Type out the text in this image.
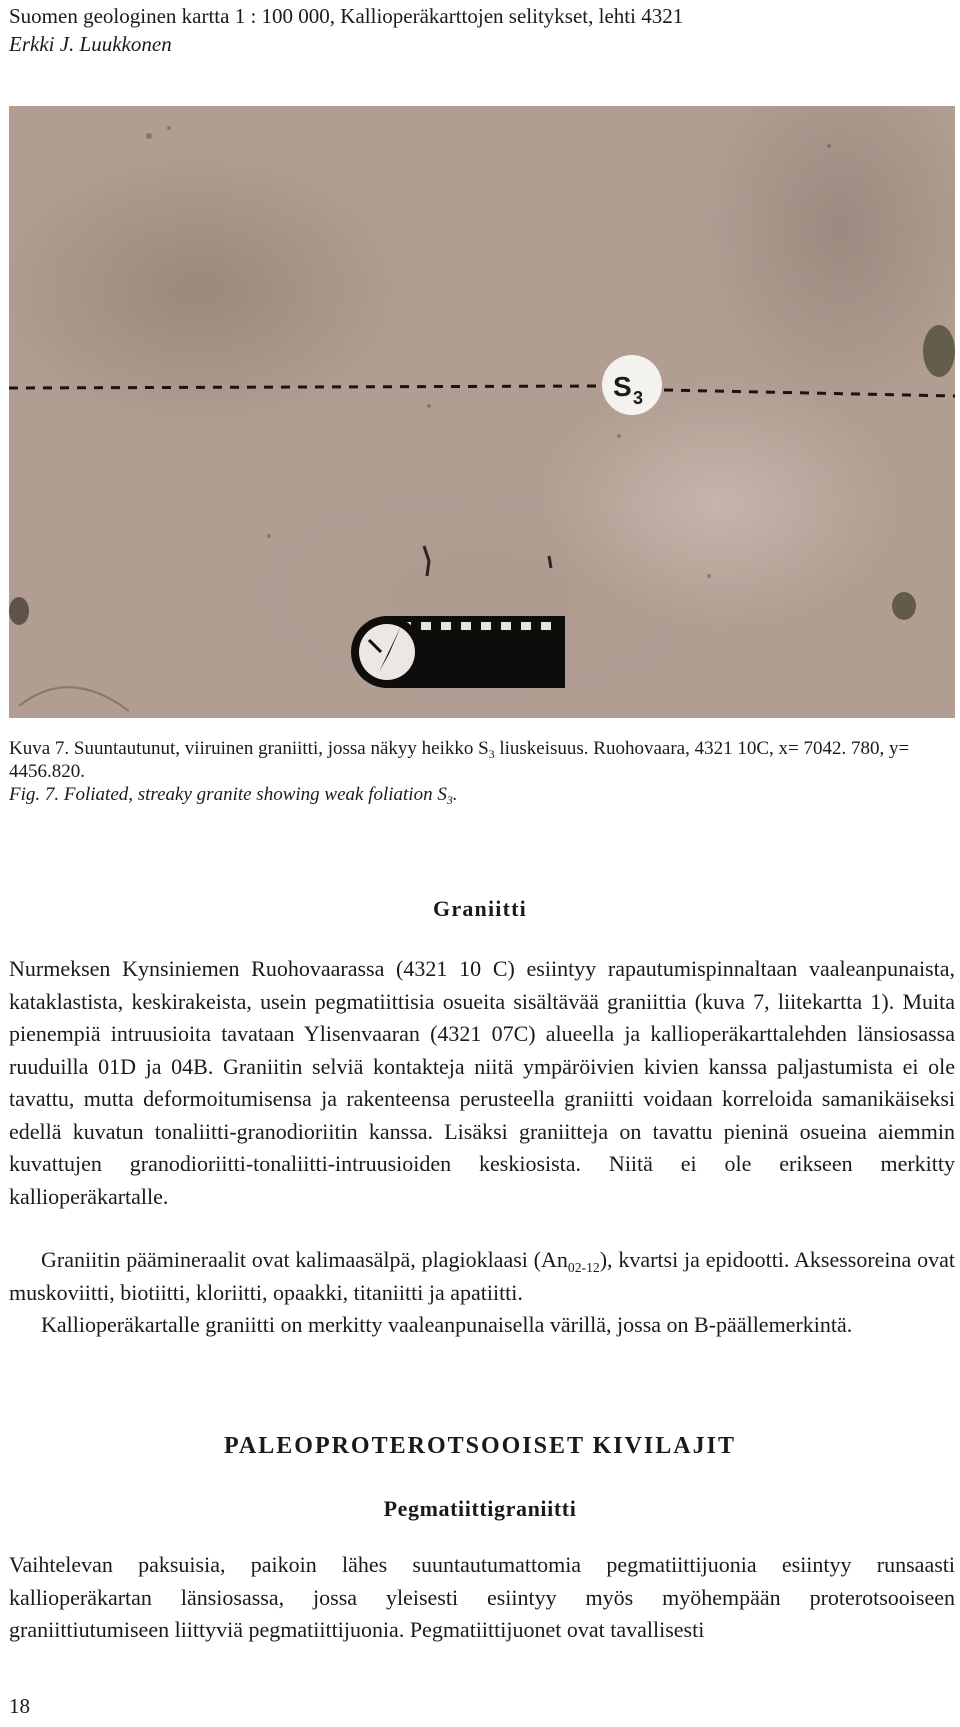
Suomen geologinen kartta 1 : 100 000, Kallioperäkarttojen selitykset, lehti 4321
Erkki J. Luukkonen
S 3
Kuva 7. Suuntautunut, viiruinen graniitti, jossa näkyy heikko $S_3$ liuskeisuus. Ruohovaara, 4321 10C, x= 7042. 780, y= 4456.820.
Fig. 7. Foliated, streaky granite showing weak foliation $S_3$.
Graniitti

Nurmeksen Kynsiniemen Ruohovaarassa (4321 10 C) esiintyy rapautumispinnaltaan vaaleanpunaista, kataklastista, keskirakeista, usein pegmatiittisia osueita sisältävää graniittia (kuva 7, liitekartta 1). Muita pienempiä intruusioita tavataan Ylisenvaaran (4321 07C) alueella ja kallioperäkarttalehden länsiosassa ruuduilla 01D ja 04B. Graniitin selviä kontakteja niitä ympäröivien kivien kanssa paljastumista ei ole tavattu, mutta deformoitumisensa ja rakenteensa perusteella graniitti voidaan korreloida samanikäiseksi edellä kuvatun tonaliitti-granodioriitin kanssa. Lisäksi graniitteja on tavattu pieninä osueina aiemmin kuvattujen granodioriitti-tonaliitti-intruusioiden keskiosista. Niitä ei ole erikseen merkitty kallioperäkartalle.

Graniitin päämineraalit ovat kalimaasälpä, plagioklaasi $(An_{02-12})$, kvartsi ja epidootti. Aksessoreina ovat muskoviitti, biotiitti, kloriitti, opaakki, titaniitti ja apatiitti.

Kallioperäkartalle graniitti on merkitty vaaleanpunaisella värillä, jossa on B-päällemerkintä.

PALEOPROTEROTSOOISET KIVILAJIT
Pegmatiittigraniitti

Vaihtelevan paksuisia, paikoin lähes suuntautumattomia pegmatiittijuonia esiintyy runsaasti kallioperäkartan länsiosassa, jossa yleisesti esiintyy myös myöhempään proterotsooiseen graniittiutumiseen liittyviä pegmatiittijuonia. Pegmatiittijuonet ovat tavallisesti

18
